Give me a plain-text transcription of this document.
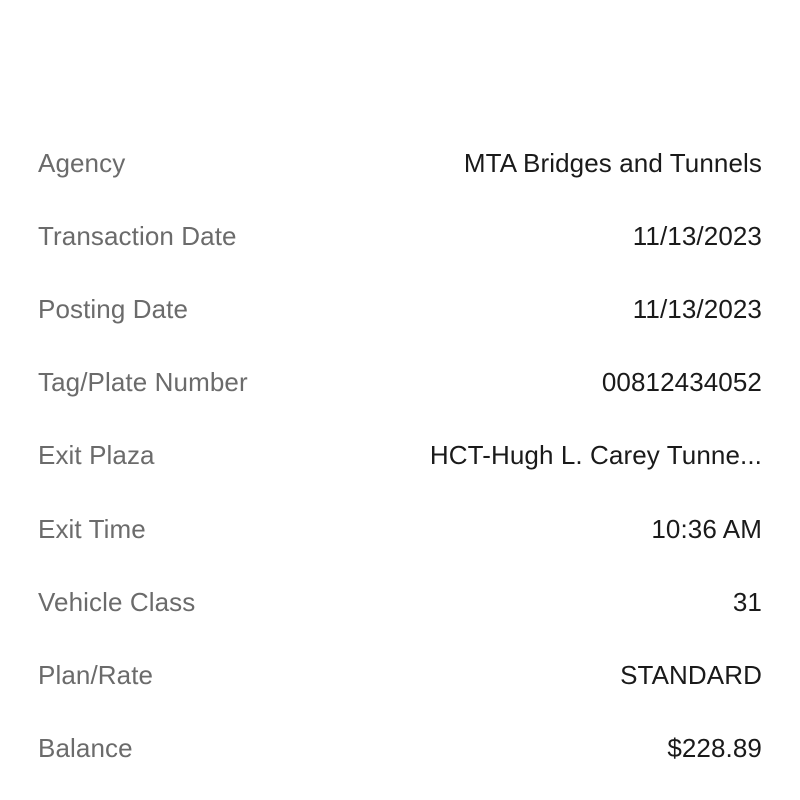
Agency	MTA Bridges and Tunnels
Transaction Date	11/13/2023
Posting Date	11/13/2023
Tag/Plate Number	00812434052
Exit Plaza	HCT-Hugh L. Carey Tunne...
Exit Time	10:36 AM
Vehicle Class	31
Plan/Rate	STANDARD
Balance	$228.89
